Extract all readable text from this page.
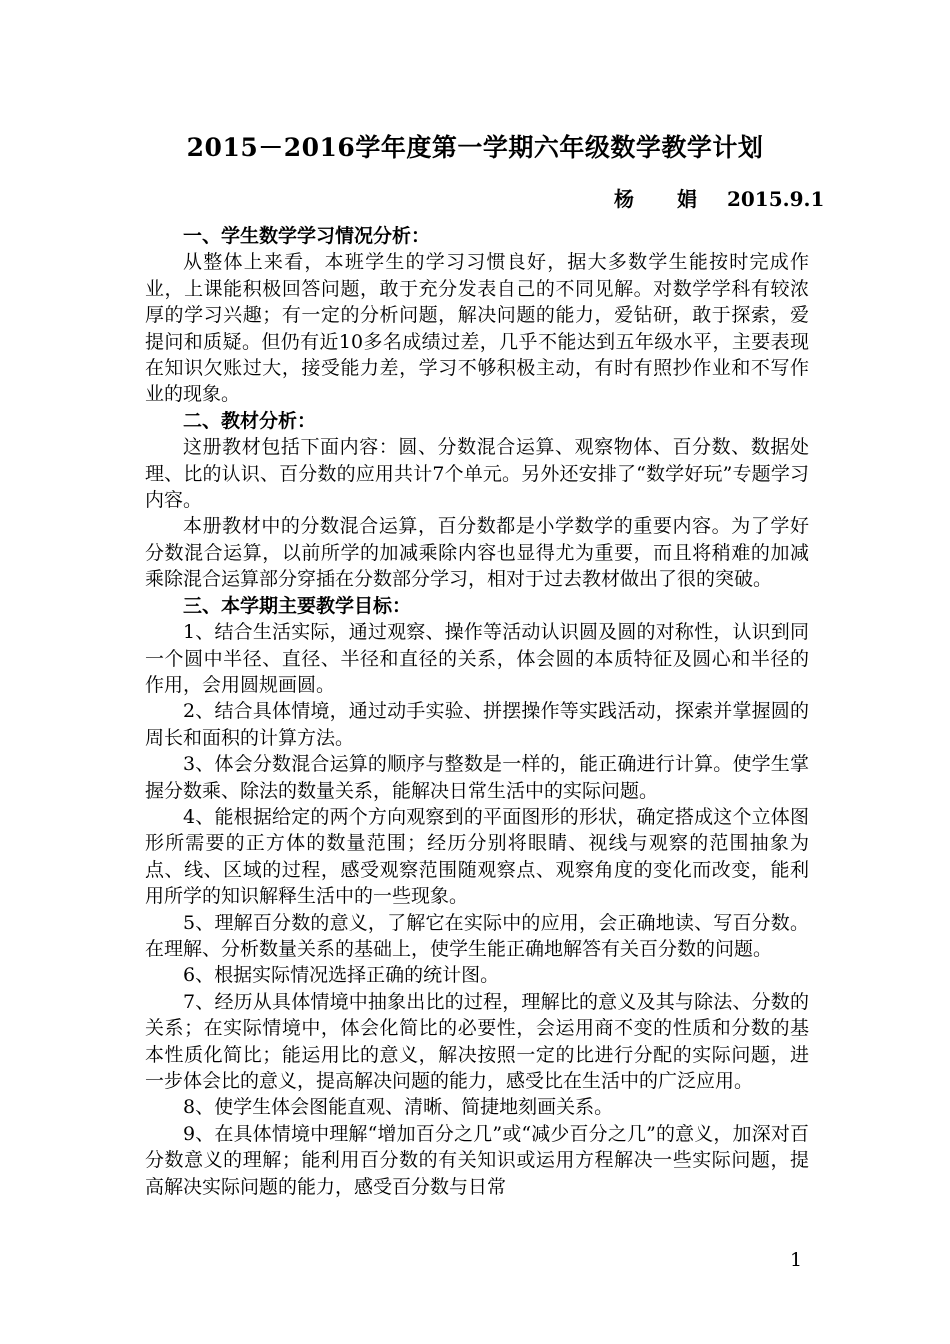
2015－2016学年度第一学期六年级数学教学计划
杨 娟 2015.9.1

一、学生数学学习情况分析：

从整体上来看，本班学生的学习习惯良好，据大多数学生能按时完成作业，上课能积极回答问题，敢于充分发表自己的不同见解。对数学学科有较浓厚的学习兴趣；有一定的分析问题，解决问题的能力，爱钻研，敢于探索，爱提问和质疑。但仍有近10多名成绩过差，几乎不能达到五年级水平，主要表现在知识欠账过大，接受能力差，学习不够积极主动，有时有照抄作业和不写作业的现象。

二、教材分析：

这册教材包括下面内容：圆、分数混合运算、观察物体、百分数、数据处理、比的认识、百分数的应用共计7个单元。另外还安排了“数学好玩”专题学习内容。

本册教材中的分数混合运算，百分数都是小学数学的重要内容。为了学好分数混合运算，以前所学的加减乘除内容也显得尤为重要，而且将稍难的加减乘除混合运算部分穿插在分数部分学习，相对于过去教材做出了很的突破。

三、本学期主要教学目标：

1、结合生活实际，通过观察、操作等活动认识圆及圆的对称性，认识到同一个圆中半径、直径、半径和直径的关系，体会圆的本质特征及圆心和半径的作用，会用圆规画圆。

2、结合具体情境，通过动手实验、拼摆操作等实践活动，探索并掌握圆的周长和面积的计算方法。

3、体会分数混合运算的顺序与整数是一样的，能正确进行计算。使学生掌握分数乘、除法的数量关系，能解决日常生活中的实际问题。

4、能根据给定的两个方向观察到的平面图形的形状，确定搭成这个立体图形所需要的正方体的数量范围；经历分别将眼睛、视线与观察的范围抽象为点、线、区域的过程，感受观察范围随观察点、观察角度的变化而改变，能利用所学的知识解释生活中的一些现象。

5、理解百分数的意义，了解它在实际中的应用，会正确地读、写百分数。在理解、分析数量关系的基础上，使学生能正确地解答有关百分数的问题。

6、根据实际情况选择正确的统计图。

7、经历从具体情境中抽象出比的过程，理解比的意义及其与除法、分数的关系；在实际情境中，体会化简比的必要性，会运用商不变的性质和分数的基本性质化简比；能运用比的意义，解决按照一定的比进行分配的实际问题，进一步体会比的意义，提高解决问题的能力，感受比在生活中的广泛应用。

8、使学生体会图能直观、清晰、简捷地刻画关系。

9、在具体情境中理解“增加百分之几”或“减少百分之几”的意义，加深对百分数意义的理解；能利用百分数的有关知识或运用方程解决一些实际问题，提高解决实际问题的能力，感受百分数与日常

1
